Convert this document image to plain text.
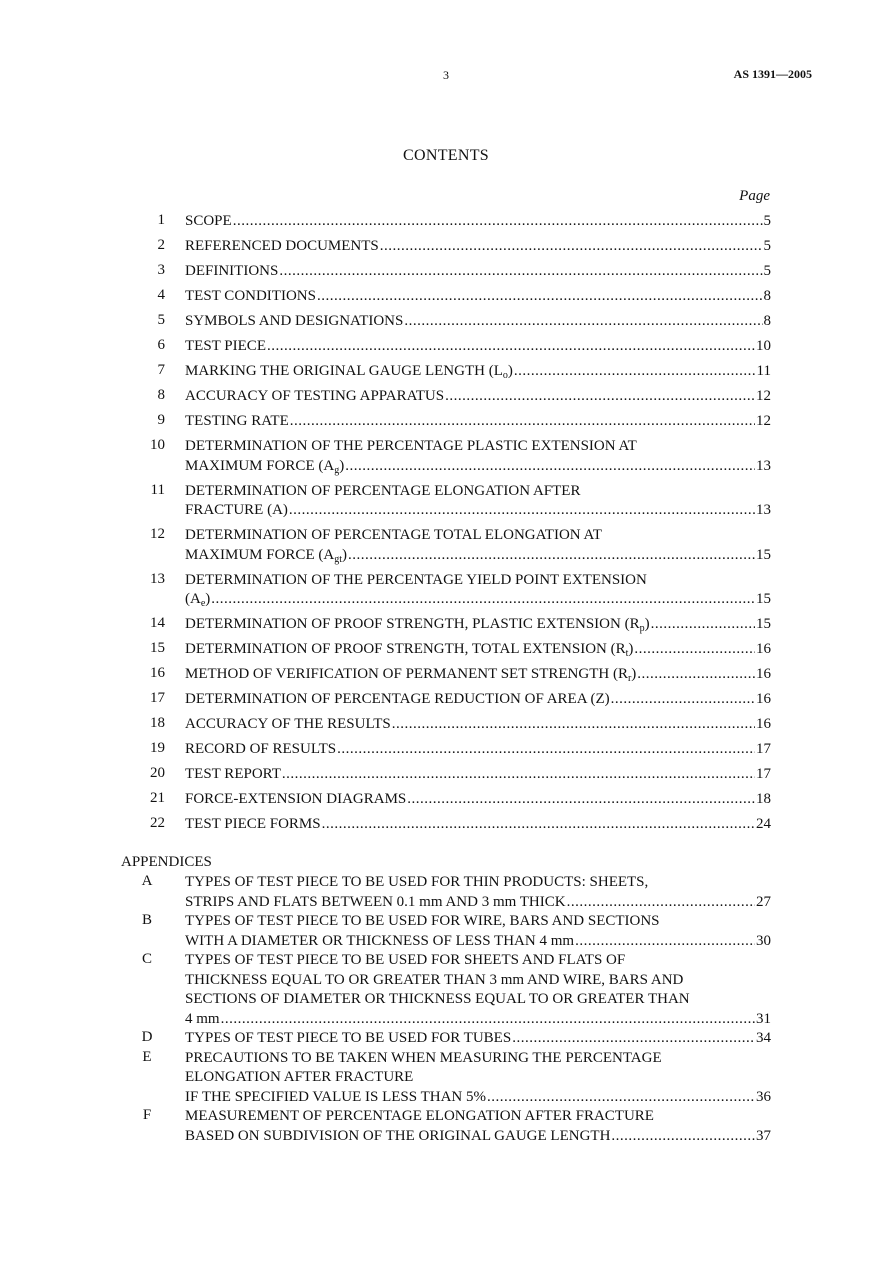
3	AS 1391—2005
CONTENTS
Page
1 SCOPE .....	5
2 REFERENCED DOCUMENTS .....	5
3 DEFINITIONS .....	5
4 TEST CONDITIONS .....	8
5 SYMBOLS AND DESIGNATIONS .....	8
6 TEST PIECE .....	10
7 MARKING THE ORIGINAL GAUGE LENGTH $(L_o)$ .....	11
8 ACCURACY OF TESTING APPARATUS .....	12
9 TESTING RATE .....	12
10 DETERMINATION OF THE PERCENTAGE PLASTIC EXTENSION AT
MAXIMUM FORCE $(A_g)$ .....	13
11 DETERMINATION OF PERCENTAGE ELONGATION AFTER
FRACTURE (A) .....	13
12 DETERMINATION OF PERCENTAGE TOTAL ELONGATION AT
MAXIMUM FORCE $(A_{gt})$ .....	15
13 DETERMINATION OF THE PERCENTAGE YIELD POINT EXTENSION
$(A_e)$ .....	15
14 DETERMINATION OF PROOF STRENGTH, PLASTIC EXTENSION $(R_p)$ .....	15
15 DETERMINATION OF PROOF STRENGTH, TOTAL EXTENSION $(R_t)$ .....	16
16 METHOD OF VERIFICATION OF PERMANENT SET STRENGTH $(R_r)$ .....	16
17 DETERMINATION OF PERCENTAGE REDUCTION OF AREA (Z) .....	16
18 ACCURACY OF THE RESULTS .....	16
19 RECORD OF RESULTS .....	17
20 TEST REPORT .....	17
21 FORCE-EXTENSION DIAGRAMS .....	18
22 TEST PIECE FORMS .....	24
APPENDICES
A	TYPES OF TEST PIECE TO BE USED FOR THIN PRODUCTS: SHEETS,
STRIPS AND FLATS BETWEEN 0.1 mm AND 3 mm THICK .....	27
B	TYPES OF TEST PIECE TO BE USED FOR WIRE, BARS AND SECTIONS
WITH A DIAMETER OR THICKNESS OF LESS THAN 4 mm .....	30
C	TYPES OF TEST PIECE TO BE USED FOR SHEETS AND FLATS OF
THICKNESS EQUAL TO OR GREATER THAN 3 mm AND WIRE, BARS AND
SECTIONS OF DIAMETER OR THICKNESS EQUAL TO OR GREATER THAN
4 mm .....	31
D	TYPES OF TEST PIECE TO BE USED FOR TUBES .....	34
E	PRECAUTIONS TO BE TAKEN WHEN MEASURING THE PERCENTAGE
ELONGATION AFTER FRACTURE
IF THE SPECIFIED VALUE IS LESS THAN 5% .....	36
F	MEASUREMENT OF PERCENTAGE ELONGATION AFTER FRACTURE
BASED ON SUBDIVISION OF THE ORIGINAL GAUGE LENGTH .....	37
